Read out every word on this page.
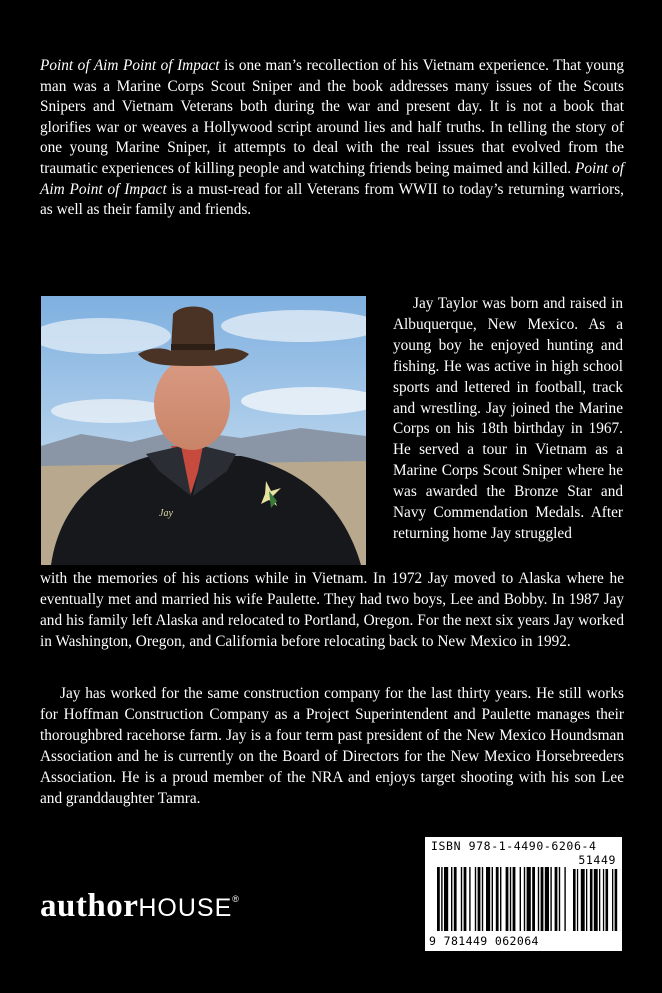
Point of Aim Point of Impact is one man’s recollection of his Vietnam experience. That young man was a Marine Corps Scout Sniper and the book addresses many issues of the Scouts Snipers and Vietnam Veterans both during the war and present day. It is not a book that glorifies war or weaves a Hollywood script around lies and half truths. In telling the story of one young Marine Sniper, it attempts to deal with the real issues that evolved from the traumatic experiences of killing people and watching friends being maimed and killed. Point of Aim Point of Impact is a must-read for all Veterans from WWII to today’s returning warriors, as well as their family and friends.

Jay

Jay Taylor was born and raised in Albuquerque, New Mexico. As a young boy he enjoyed hunting and fishing. He was active in high school sports and lettered in football, track and wrestling. Jay joined the Marine Corps on his 18th birthday in 1967. He served a tour in Vietnam as a Marine Corps Scout Sniper where he was awarded the Bronze Star and Navy Commendation Medals. After returning home Jay struggled

with the memories of his actions while in Vietnam. In 1972 Jay moved to Alaska where he eventually met and married his wife Paulette. They had two boys, Lee and Bobby. In 1987 Jay and his family left Alaska and relocated to Portland, Oregon. For the next six years Jay worked in Washington, Oregon, and California before relocating back to New Mexico in 1992.

Jay has worked for the same construction company for the last thirty years. He still works for Hoffman Construction Company as a Project Superintendent and Paulette manages their thoroughbred racehorse farm. Jay is a four term past president of the New Mexico Houndsman Association and he is currently on the Board of Directors for the New Mexico Horsebreeders Association. He is a proud member of the NRA and enjoys target shooting with his son Lee and granddaughter Tamra.

authorHOUSE®
ISBN 978-1-4490-6206-4
51449
9 781449 062064
